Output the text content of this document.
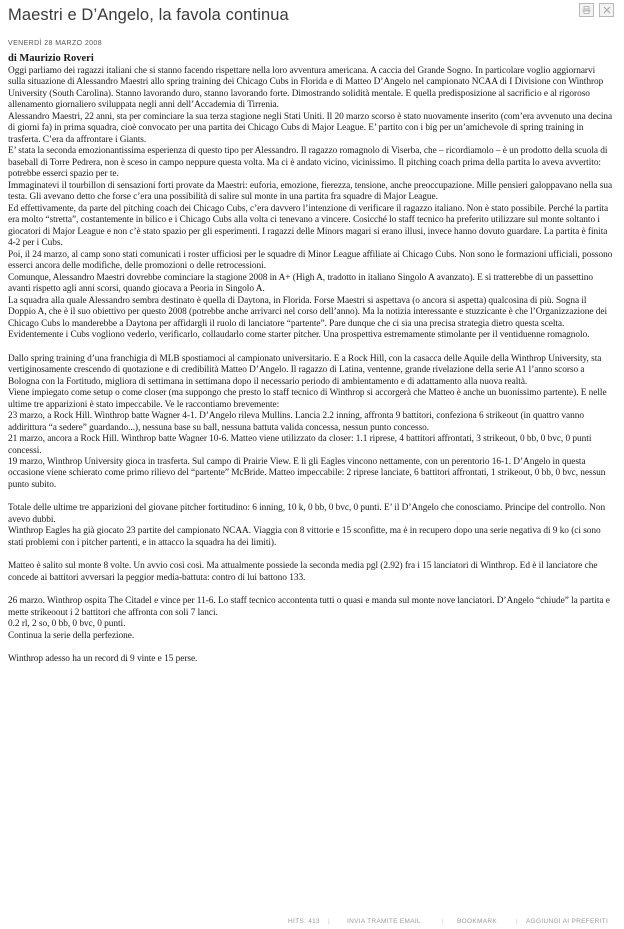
Maestri e D’Angelo, la favola continua
VENERDÌ 28 MARZO 2008
di Maurizio Roveri

Oggi parliamo dei ragazzi italiani che si stanno facendo rispettare nella loro avventura americana. A caccia del Grande Sogno. In particolare voglio aggiornarvi sulla situazione di Alessandro Maestri allo spring training dei Chicago Cubs in Florida e di Matteo D’Angelo nel campionato NCAA di I Divisione con Winthrop University (South Carolina). Stanno lavorando duro, stanno lavorando forte. Dimostrando solidità mentale. E quella predisposizione al sacrificio e al rigoroso allenamento giornaliero sviluppata negli anni dell’Accademia di Tirrenia.

Alessandro Maestri, 22 anni, sta per cominciare la sua terza stagione negli Stati Uniti. Il 20 marzo scorso è stato nuovamente inserito (com’era avvenuto una decina di giorni fa) in prima squadra, cioè convocato per una partita dei Chicago Cubs di Major League. E’ partito con i big per un’amichevole di spring training in trasferta. C’era da affrontare i Giants.

E’ stata la seconda emozionantissima esperienza di questo tipo per Alessandro. Il ragazzo romagnolo di Viserba, che – ricordiamolo – è un prodotto della scuola di baseball di Torre Pedrera, non è sceso in campo neppure questa volta. Ma ci è andato vicino, vicinissimo. Il pitching coach prima della partita lo aveva avvertito: potrebbe esserci spazio per te.

Immaginatevi il tourbillon di sensazioni forti provate da Maestri: euforia, emozione, fierezza, tensione, anche preoccupazione. Mille pensieri galoppavano nella sua testa. Gli avevano detto che forse c’era una possibilità di salire sul monte in una partita fra squadre di Major League.

Ed effettivamente, da parte del pitching coach dei Chicago Cubs, c’era davvero l’intenzione di verificare il ragazzo italiano. Non è stato possibile. Perché la partita era molto “stretta”, costantemente in bilico e i Chicago Cubs alla volta ci tenevano a vincere. Cosicché lo staff tecnico ha preferito utilizzare sul monte soltanto i giocatori di Major League e non c’è stato spazio per gli esperimenti. I ragazzi delle Minors magari si erano illusi, invece hanno dovuto guardare. La partita è finita 4-2 per i Cubs.

Poi, il 24 marzo, al camp sono stati comunicati i roster ufficiosi per le squadre di Minor League affiliate ai Chicago Cubs. Non sono le formazioni ufficiali, possono esserci ancora delle modifiche, delle promozioni o delle retrocessioni.

Comunque, Alessandro Maestri dovrebbe cominciare la stagione 2008 in A+ (High A, tradotto in italiano Singolo A avanzato). E si tratterebbe di un passettino avanti rispetto agli anni scorsi, quando giocava a Peoria in Singolo A.

La squadra alla quale Alessandro sembra destinato è quella di Daytona, in Florida. Forse Maestri si aspettava (o ancora si aspetta) qualcosina di più. Sogna il Doppio A, che è il suo obiettivo per questo 2008 (potrebbe anche arrivarci nel corso dell’anno). Ma la notizia interessante e stuzzicante è che l’Organizzazione dei Chicago Cubs lo manderebbe a Daytona per affidargli il ruolo di lanciatore “partente”. Pare dunque che ci sia una precisa strategia dietro questa scelta. Evidentemente i Cubs vogliono vederlo, verificarlo, collaudarlo come starter pitcher. Una prospettiva estremamente stimolante per il ventiduenne romagnolo.

Dallo spring training d’una franchigia di MLB spostiamoci al campionato universitario. E a Rock Hill, con la casacca delle Aquile della Winthrop University, sta vertiginosamente crescendo di quotazione e di credibilità Matteo D’Angelo. Il ragazzo di Latina, ventenne, grande rivelazione della serie A1 l’anno scorso a Bologna con la Fortitudo, migliora di settimana in settimana dopo il necessario periodo di ambientamento e di adattamento alla nuova realtà.

Viene impiegato come setup o come closer (ma suppongo che presto lo staff tecnico di Winthrop si accorgerà che Matteo è anche un buonissimo partente). E nelle ultime tre apparizioni è stato impeccabile. Ve le raccontiamo brevemente:

23 marzo, a Rock Hill. Winthrop batte Wagner 4-1. D’Angelo rileva Mullins. Lancia 2.2 inning, affronta 9 battitori, confeziona 6 strikeout (in quattro vanno addirittura “a sedere” guardando...), nessuna base su ball, nessuna battuta valida concessa, nessun punto concesso.

21 marzo, ancora a Rock Hill. Winthrop batte Wagner 10-6. Matteo viene utilizzato da closer: 1.1 riprese, 4 battitori affrontati, 3 strikeout, 0 bb, 0 bvc, 0 punti concessi.

19 marzo, Winthrop University gioca in trasferta. Sul campo di Prairie View. E lì gli Eagles vincono nettamente, con un perentorio 16-1. D’Angelo in questa occasione viene schierato come primo rilievo del “partente” McBride. Matteo impeccabile: 2 riprese lanciate, 6 battitori affrontati, 1 strikeout, 0 bb, 0 bvc, nessun punto subito.

Totale delle ultime tre apparizioni del giovane pitcher fortitudino: 6 inning, 10 k, 0 bb, 0 bvc, 0 punti. E’ il D’Angelo che conosciamo. Principe del controllo. Non avevo dubbi.

Winthrop Eagles ha già giocato 23 partite del campionato NCAA. Viaggia con 8 vittorie e 15 sconfitte, ma è in recupero dopo una serie negativa di 9 ko (ci sono stati problemi con i pitcher partenti, e in attacco la squadra ha dei limiti).

Matteo è salito sul monte 8 volte. Un avvio così così. Ma attualmente possiede la seconda media pgl (2.92) fra i 15 lanciatori di Winthrop. Ed è il lanciatore che concede ai battitori avversari la peggior media-battuta: contro di lui battono 133.

26 marzo. Winthrop ospita The Citadel e vince per 11-6. Lo staff tecnico accontenta tutti o quasi e manda sul monte nove lanciatori. D’Angelo “chiude” la partita e mette strikeoout i 2 battitori che affronta con soli 7 lanci.

0.2 rl, 2 so, 0 bb, 0 bvc, 0 punti.

Continua la serie della perfezione.

Winthrop adesso ha un record di 9 vinte e 15 perse.

HITS: 413 |	INVIA TRAMITE EMAIL	| BOOKMARK	| AGGIUNGI AI PREFERITI
